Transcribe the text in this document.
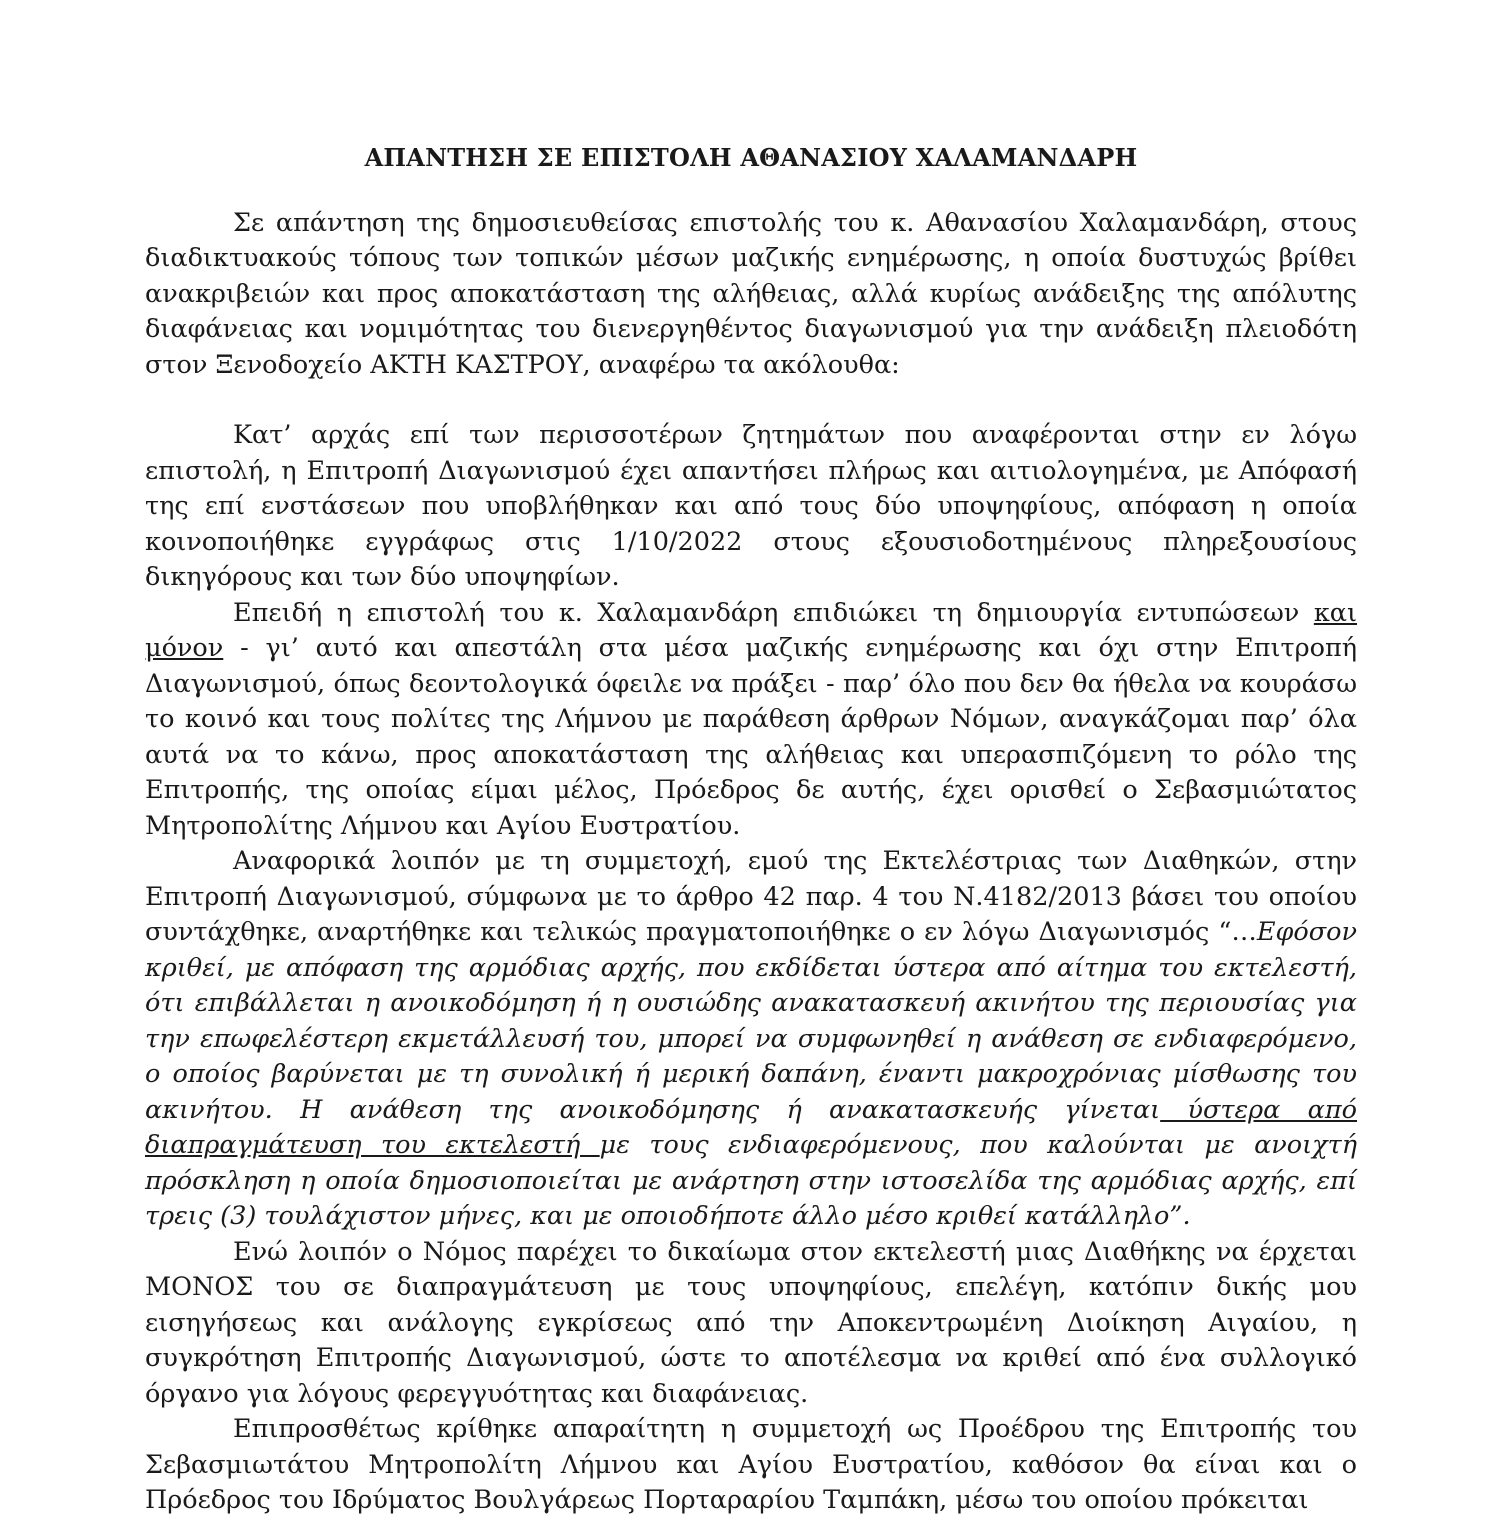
ΑΠΑΝΤΗΣΗ ΣΕ ΕΠΙΣΤΟΛΗ ΑΘΑΝΑΣΙΟΥ ΧΑΛΑΜΑΝΔΑΡΗ

Σε απάντηση της δημοσιευθείσας επιστολής του κ. Αθανασίου Χαλαμανδάρη, στους διαδικτυακούς τόπους των τοπικών μέσων μαζικής ενημέρωσης, η οποία δυστυχώς βρίθει ανακριβειών και προς αποκατάσταση της αλήθειας, αλλά κυρίως ανάδειξης της απόλυτης διαφάνειας και νομιμότητας του διενεργηθέντος διαγωνισμού για την ανάδειξη πλειοδότη στον Ξενοδοχείο ΑΚΤΗ ΚΑΣΤΡΟΥ, αναφέρω τα ακόλουθα:

Κατ’ αρχάς επί των περισσοτέρων ζητημάτων που αναφέρονται στην εν λόγω επιστολή, η Επιτροπή Διαγωνισμού έχει απαντήσει πλήρως και αιτιολογημένα, με Απόφασή της επί ενστάσεων που υποβλήθηκαν και από τους δύο υποψηφίους, απόφαση η οποία κοινοποιήθηκε εγγράφως στις 1/10/2022 στους εξουσιοδοτημένους πληρεξουσίους δικηγόρους και των δύο υποψηφίων.

Επειδή η επιστολή του κ. Χαλαμανδάρη επιδιώκει τη δημιουργία εντυπώσεων και μόνον - γι’ αυτό και απεστάλη στα μέσα μαζικής ενημέρωσης και όχι στην Επιτροπή Διαγωνισμού, όπως δεοντολογικά όφειλε να πράξει - παρ’ όλο που δεν θα ήθελα να κουράσω το κοινό και τους πολίτες της Λήμνου με παράθεση άρθρων Νόμων, αναγκάζομαι παρ’ όλα αυτά να το κάνω, προς αποκατάσταση της αλήθειας και υπερασπιζόμενη το ρόλο της Επιτροπής, της οποίας είμαι μέλος, Πρόεδρος δε αυτής, έχει ορισθεί ο Σεβασμιώτατος Μητροπολίτης Λήμνου και Αγίου Ευστρατίου.

Αναφορικά λοιπόν με τη συμμετοχή, εμού της Εκτελέστριας των Διαθηκών, στην Επιτροπή Διαγωνισμού, σύμφωνα με το άρθρο 42 παρ. 4 του Ν.4182/2013 βάσει του οποίου συντάχθηκε, αναρτήθηκε και τελικώς πραγματοποιήθηκε ο εν λόγω Διαγωνισμός “…Εφόσον κριθεί, με απόφαση της αρμόδιας αρχής, που εκδίδεται ύστερα από αίτημα του εκτελεστή, ότι επιβάλλεται η ανοικοδόμηση ή η ουσιώδης ανακατασκευή ακινήτου της περιουσίας για την επωφελέστερη εκμετάλλευσή του, μπορεί να συμφωνηθεί η ανάθεση σε ενδιαφερόμενο, ο οποίος βαρύνεται με τη συνολική ή μερική δαπάνη, έναντι μακροχρόνιας μίσθωσης του ακινήτου. Η ανάθεση της ανοικοδόμησης ή ανακατασκευής γίνεται ύστερα από διαπραγμάτευση του εκτελεστή με τους ενδιαφερόμενους, που καλούνται με ανοιχτή πρόσκληση η οποία δημοσιοποιείται με ανάρτηση στην ιστοσελίδα της αρμόδιας αρχής, επί τρεις (3) τουλάχιστον μήνες, και με οποιοδήποτε άλλο μέσο κριθεί κατάλληλο”.

Ενώ λοιπόν ο Νόμος παρέχει το δικαίωμα στον εκτελεστή μιας Διαθήκης να έρχεται ΜΟΝΟΣ του σε διαπραγμάτευση με τους υποψηφίους, επελέγη, κατόπιν δικής μου εισηγήσεως και ανάλογης εγκρίσεως από την Αποκεντρωμένη Διοίκηση Αιγαίου, η συγκρότηση Επιτροπής Διαγωνισμού, ώστε το αποτέλεσμα να κριθεί από ένα συλλογικό όργανο για λόγους φερεγγυότητας και διαφάνειας.

Επιπροσθέτως κρίθηκε απαραίτητη η συμμετοχή ως Προέδρου της Επιτροπής του Σεβασμιωτάτου Μητροπολίτη Λήμνου και Αγίου Ευστρατίου, καθόσον θα είναι και ο Πρόεδρος του Ιδρύματος Βουλγάρεως Πορταραρίου Ταμπάκη, μέσω του οποίου πρόκειται
